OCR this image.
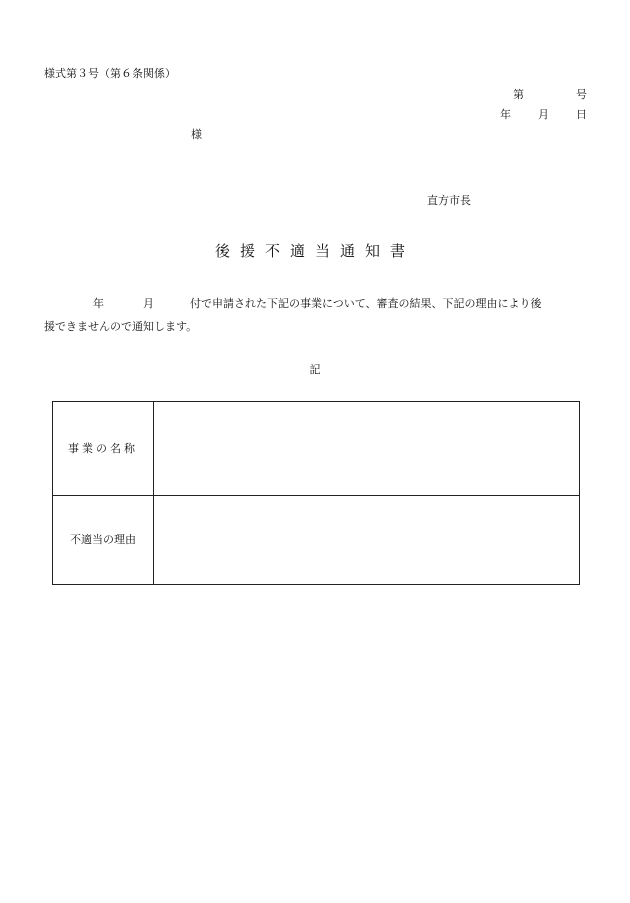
様式第３号（第６条関係）
第	号
年 月 日
様
直方市長
後援不適当通知書
年	月	付で申請された下記の事業について、審査の結果、下記の理由により後
援できませんので通知します。
記
事業の名称
不適当の理由
